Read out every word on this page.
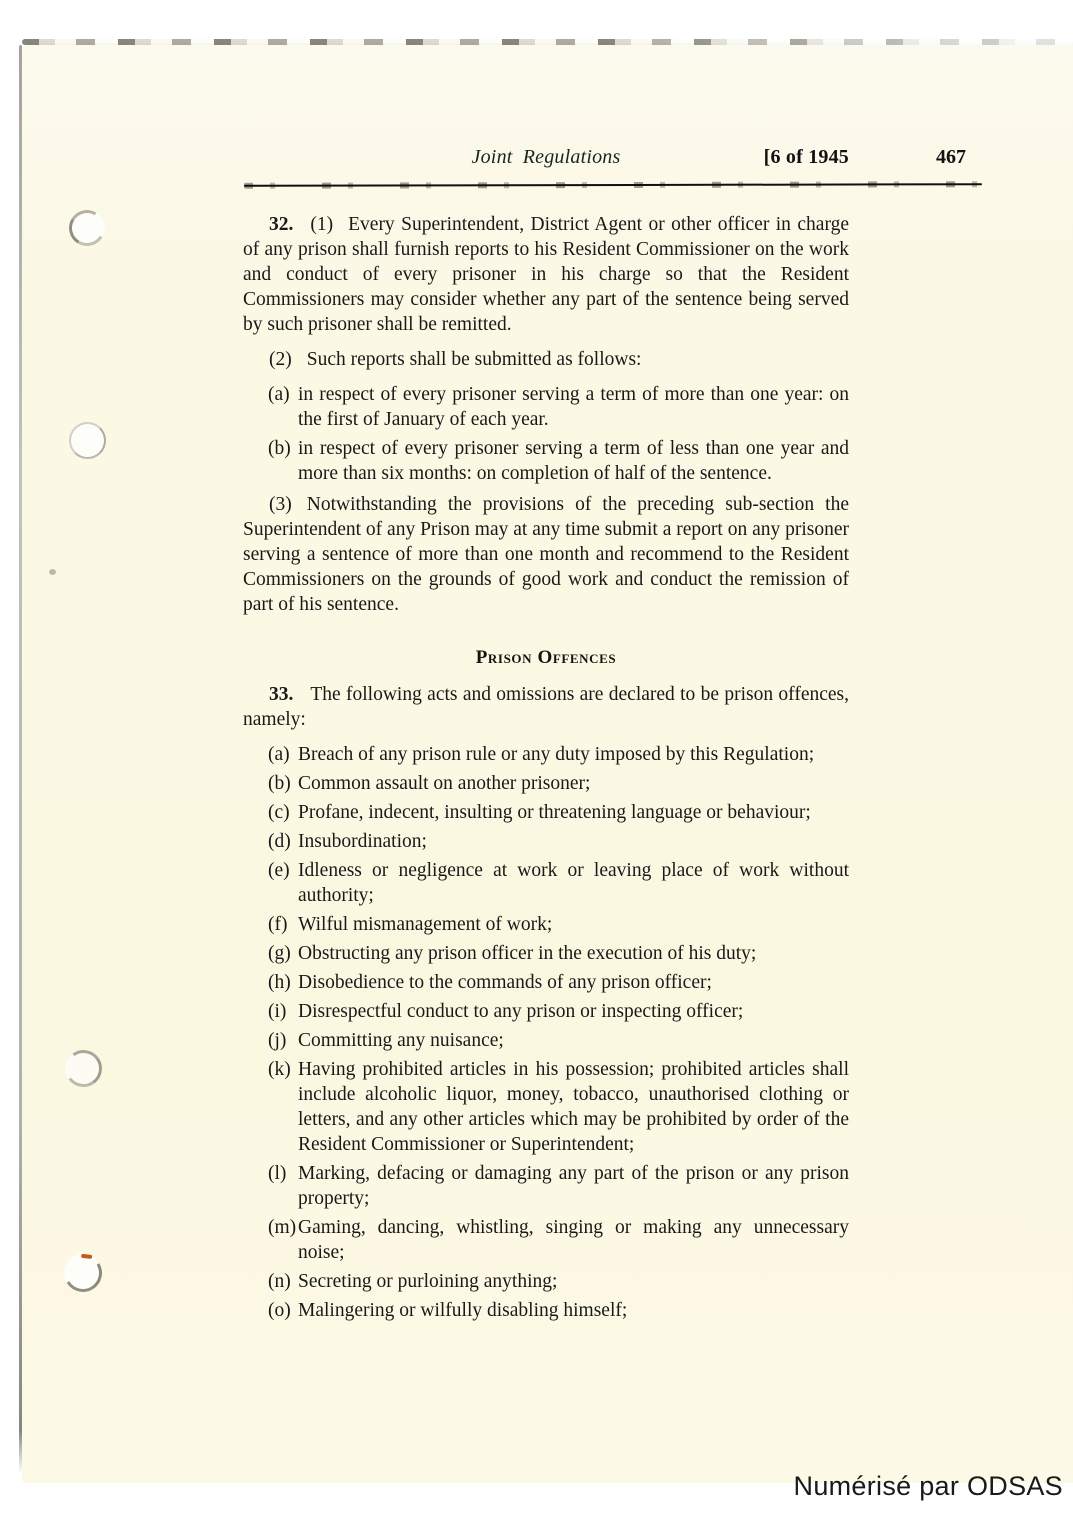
Joint Regulations	[6 of 1945	467

32. (1) Every Superintendent, District Agent or other officer in charge of any prison shall furnish reports to his Resident Commissioner on the work and conduct of every prisoner in his charge so that the Resident Commissioners may consider whether any part of the sentence being served by such prisoner shall be remitted.

(2) Such reports shall be submitted as follows:

(a) in respect of every prisoner serving a term of more than one year: on the first of January of each year.
(b) in respect of every prisoner serving a term of less than one year and more than six months: on completion of half of the sentence.

(3) Notwithstanding the provisions of the preceding sub-section the Superintendent of any Prison may at any time submit a report on any prisoner serving a sentence of more than one month and recommend to the Resident Commissioners on the grounds of good work and conduct the remission of part of his sentence.

Prison Offences

33. The following acts and omissions are declared to be prison offences, namely:

(a) Breach of any prison rule or any duty imposed by this Regulation;
(b) Common assault on another prisoner;
(c) Profane, indecent, insulting or threatening language or behaviour;
(d) Insubordination;
(e) Idleness or negligence at work or leaving place of work without authority;
(f) Wilful mismanagement of work;
(g) Obstructing any prison officer in the execution of his duty;
(h) Disobedience to the commands of any prison officer;
(i) Disrespectful conduct to any prison or inspecting officer;
(j) Committing any nuisance;
(k) Having prohibited articles in his possession; prohibited articles shall include alcoholic liquor, money, tobacco, unauthorised clothing or letters, and any other articles which may be prohibited by order of the Resident Commissioner or Superintendent;
(l) Marking, defacing or damaging any part of the prison or any prison property;
(m) Gaming, dancing, whistling, singing or making any unnecessary noise;
(n) Secreting or purloining anything;
(o) Malingering or wilfully disabling himself;
Numérisé par ODSAS
